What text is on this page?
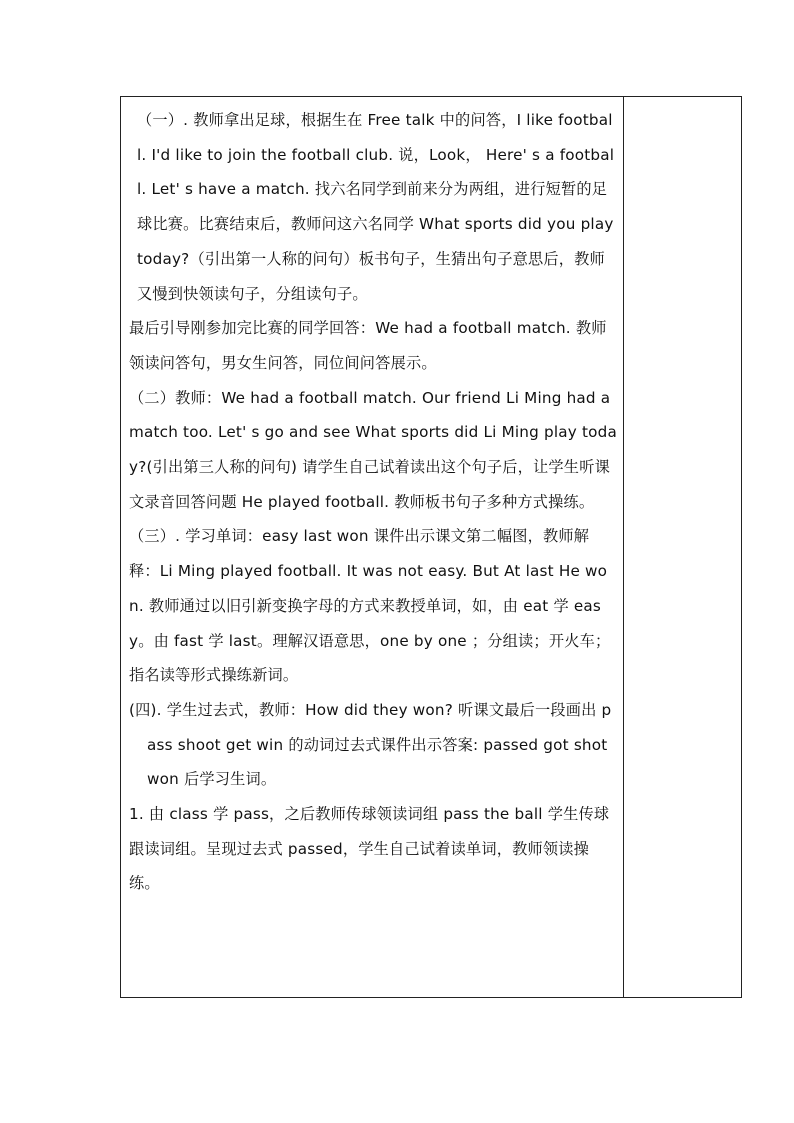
（一）. 教师拿出足球，根据生在 Free talk 中的问答，I like football. I'd like to join the football club. 说，Look， Here' s a football. Let' s have a match. 找六名同学到前来分为两组，进行短暂的足球比赛。比赛结束后，教师问这六名同学 What sports did you play today?（引出第一人称的问句）板书句子，生猜出句子意思后，教师又慢到快领读句子，分组读句子。

最后引导刚参加完比赛的同学回答：We had a football match. 教师领读问答句，男女生问答，同位间问答展示。

（二）教师：We had a football match. Our friend Li Ming had a match too. Let' s go and see What sports did Li Ming play today?(引出第三人称的问句) 请学生自己试着读出这个句子后，让学生听课文录音回答问题 He played football. 教师板书句子多种方式操练。

（三）. 学习单词：easy last won 课件出示课文第二幅图，教师解释：Li Ming played football. It was not easy. But At last He won. 教师通过以旧引新变换字母的方式来教授单词，如，由 eat 学 easy。由 fast 学 last。理解汉语意思，one by one ；分组读；开火车；指名读等形式操练新词。

(四). 学生过去式，教师：How did they won? 听课文最后一段画出 pass shoot get win 的动词过去式课件出示答案: passed got shot won 后学习生词。

1. 由 class 学 pass，之后教师传球领读词组 pass the ball 学生传球跟读词组。呈现过去式 passed，学生自己试着读单词，教师领读操练。
